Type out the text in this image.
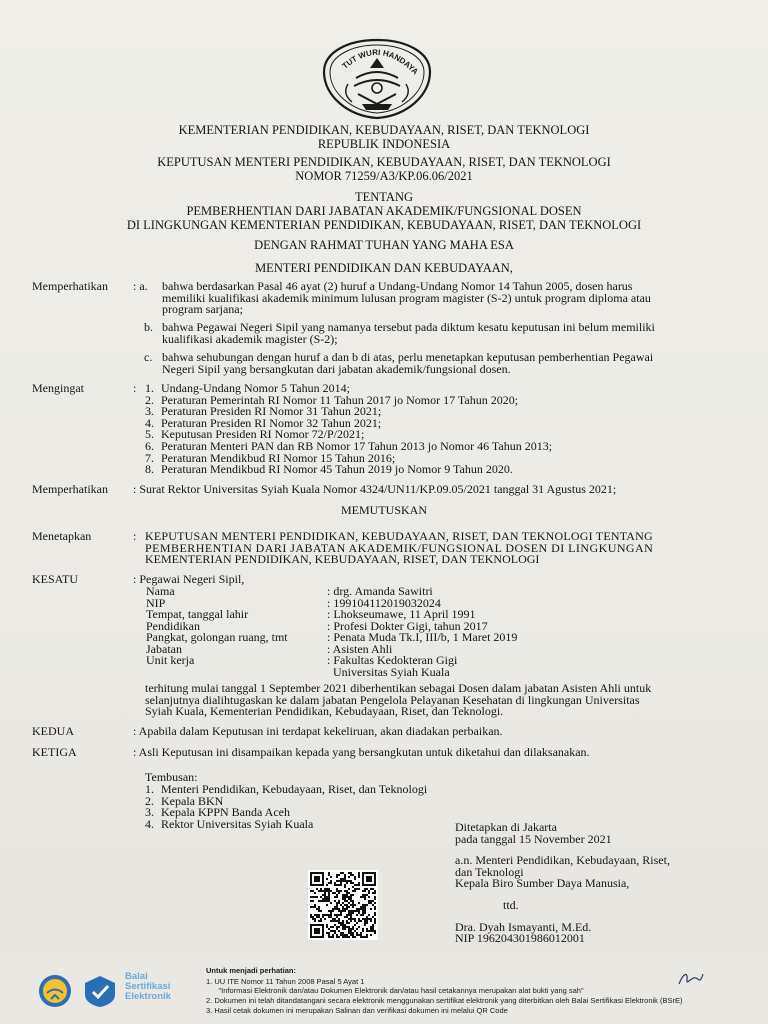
TUT WURI HANDAYA
KEMENTERIAN PENDIDIKAN, KEBUDAYAAN, RISET, DAN TEKNOLOGI
REPUBLIK INDONESIA
KEPUTUSAN MENTERI PENDIDIKAN, KEBUDAYAAN, RISET, DAN TEKNOLOGI
NOMOR 71259/A3/KP.06.06/2021
TENTANG
PEMBERHENTIAN DARI JABATAN AKADEMIK/FUNGSIONAL DOSEN
DI LINGKUNGAN KEMENTERIAN PENDIDIKAN, KEBUDAYAAN, RISET, DAN TEKNOLOGI
DENGAN RAHMAT TUHAN YANG MAHA ESA
MENTERI PENDIDIKAN DAN KEBUDAYAAN,
Memperhatikan : a.	bahwa berdasarkan Pasal 46 ayat (2) huruf a Undang-Undang Nomor 14 Tahun 2005, dosen harus
memiliki kualifikasi akademik minimum lulusan program magister (S-2) untuk program diploma atau
program sarjana;
b. bahwa Pegawai Negeri Sipil yang namanya tersebut pada diktum kesatu keputusan ini belum memiliki
kualifikasi akademik magister (S-2);
c. bahwa sehubungan dengan huruf a dan b di atas, perlu menetapkan keputusan pemberhentian Pegawai
Negeri Sipil yang bersangkutan dari jabatan akademik/fungsional dosen.
Mengingat	: 1. Undang-Undang Nomor 5 Tahun 2014;
2. Peraturan Pemerintah RI Nomor 11 Tahun 2017 jo Nomor 17 Tahun 2020;
3. Peraturan Presiden RI Nomor 31 Tahun 2021;
4. Peraturan Presiden RI Nomor 32 Tahun 2021;
5. Keputusan Presiden RI Nomor 72/P/2021;
6. Peraturan Menteri PAN dan RB Nomor 17 Tahun 2013 jo Nomor 46 Tahun 2013;
7. Peraturan Mendikbud RI Nomor 15 Tahun 2016;
8. Peraturan Mendikbud RI Nomor 45 Tahun 2019 jo Nomor 9 Tahun 2020.
Memperhatikan : Surat Rektor Universitas Syiah Kuala Nomor 4324/UN11/KP.09.05/2021 tanggal 31 Agustus 2021;
MEMUTUSKAN
Menetapkan	: KEPUTUSAN MENTERI PENDIDIKAN, KEBUDAYAAN, RISET, DAN TEKNOLOGI TENTANG
PEMBERHENTIAN DARI JABATAN AKADEMIK/FUNGSIONAL DOSEN DI LINGKUNGAN
KEMENTERIAN PENDIDIKAN, KEBUDAYAAN, RISET, DAN TEKNOLOGI
KESATU	: Pegawai Negeri Sipil,
Nama	: drg. Amanda Sawitri
NIP	: 199104112019032024
Tempat, tanggal lahir	: Lhokseumawe, 11 April 1991
Pendidikan	: Profesi Dokter Gigi, tahun 2017
Pangkat, golongan ruang, tmt	: Penata Muda Tk.I, III/b, 1 Maret 2019
Jabatan	: Asisten Ahli
Unit kerja	: Fakultas Kedokteran Gigi
Universitas Syiah Kuala
terhitung mulai tanggal 1 September 2021 diberhentikan sebagai Dosen dalam jabatan Asisten Ahli untuk
selanjutnya dialihtugaskan ke dalam jabatan Pengelola Pelayanan Kesehatan di lingkungan Universitas
Syiah Kuala, Kementerian Pendidikan, Kebudayaan, Riset, dan Teknologi.
KEDUA	: Apabila dalam Keputusan ini terdapat kekeliruan, akan diadakan perbaikan.
KETIGA	: Asli Keputusan ini disampaikan kepada yang bersangkutan untuk diketahui dan dilaksanakan.
Tembusan:
1. Menteri Pendidikan, Kebudayaan, Riset, dan Teknologi
2. Kepala BKN
3. Kepala KPPN Banda Aceh
4. Rektor Universitas Syiah Kuala	Ditetapkan di Jakarta
pada tanggal 15 November 2021
a.n. Menteri Pendidikan, Kebudayaan, Riset,
dan Teknologi
Kepala Biro Sumber Daya Manusia,
ttd.
Dra. Dyah Ismayanti, M.Ed.
NIP 196204301986012001
Balai
Sertifikasi
Elektronik
Untuk menjadi perhatian:
1. UU ITE Nomor 11 Tahun 2008 Pasal 5 Ayat 1
"Informasi Elektronik dan/atau Dokumen Elektronik dan/atau hasil cetakannya merupakan alat bukti yang sah"
2. Dokumen ini telah ditandatangani secara elektronik menggunakan sertifikat elektronik yang diterbitkan oleh Balai Sertifikasi Elektronik (BSrE)
3. Hasil cetak dokumen ini merupakan Salinan dan verifikasi dokumen ini melalui QR Code
